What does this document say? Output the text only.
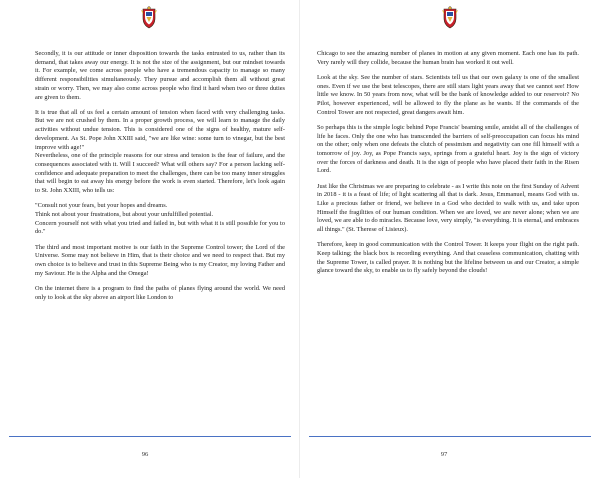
Secondly, it is our attitude or inner disposition towards the tasks entrusted to us, rather than its demand, that takes away our energy. It is not the size of the assignment, but our mindset towards it. For example, we come across people who have a tremendous capacity to manage so many different responsibilities simultaneously. They pursue and accomplish them all without great strain or worry. Then, we may also come across people who find it hard when two or three duties are given to them.

It is true that all of us feel a certain amount of tension when faced with very challenging tasks. But we are not crushed by them. In a proper growth process, we will learn to manage the daily activities without undue tension. This is considered one of the signs of healthy, mature self-development. As St. Pope John XXIII said, "we are like wine: some turn to vinegar, but the best improve with age!"
Nevertheless, one of the principle reasons for our stress and tension is the fear of failure, and the consequences associated with it. Will I succeed? What will others say? For a person lacking self-confidence and adequate preparation to meet the challenges, there can be too many inner struggles that will begin to eat away his energy before the work is even started. Therefore, let's look again to St. John XXIII, who tells us:

"Consult not your fears, but your hopes and dreams.
Think not about your frustrations, but about your unfulfilled potential.
Concern yourself not with what you tried and failed in, but with what it is still possible for you to do."

The third and most important motive is our faith in the Supreme Control tower; the Lord of the Universe. Some may not believe in Him, that is their choice and we need to respect that. But my own choice is to believe and trust in this Supreme Being who is my Creator, my loving Father and my Saviour. He is the Alpha and the Omega!

On the internet there is a program to find the paths of planes flying around the world. We need only to look at the sky above an airport like London to

96

Chicago to see the amazing number of planes in motion at any given moment. Each one has its path. Very rarely will they collide, because the human brain has worked it out well.

Look at the sky. See the number of stars. Scientists tell us that our own galaxy is one of the smallest ones. Even if we use the best telescopes, there are still stars light years away that we cannot see! How little we know. In 50 years from now, what will be the bank of knowledge added to our reservoir? No Pilot, however experienced, will be allowed to fly the plane as he wants. If the commands of the Control Tower are not respected, great dangers await him.

So perhaps this is the simple logic behind Pope Francis' beaming smile, amidst all of the challenges of life he faces. Only the one who has transcended the barriers of self-preoccupation can focus his mind on the other; only when one defeats the clutch of pessimism and negativity can one fill himself with a tomorrow of joy. Joy, as Pope Francis says, springs from a grateful heart. Joy is the sign of victory over the forces of darkness and death. It is the sign of people who have placed their faith in the Risen Lord.

Just like the Christmas we are preparing to celebrate - as I write this note on the first Sunday of Advent in 2018 - it is a feast of life; of light scattering all that is dark. Jesus, Emmanuel, means God with us. Like a precious father or friend, we believe in a God who decided to walk with us, and take upon Himself the fragilities of our human condition. When we are loved, we are never alone; when we are loved, we are able to do miracles. Because love, very simply, "is everything. It is eternal, and embraces all things." (St. Therese of Lisieux).

Therefore, keep in good communication with the Control Tower. It keeps your flight on the right path. Keep talking; the black box is recording everything. And that ceaseless communication, chatting with the Supreme Tower, is called prayer. It is nothing but the lifeline between us and our Creator, a simple glance toward the sky, to enable us to fly safely beyond the clouds!

97
